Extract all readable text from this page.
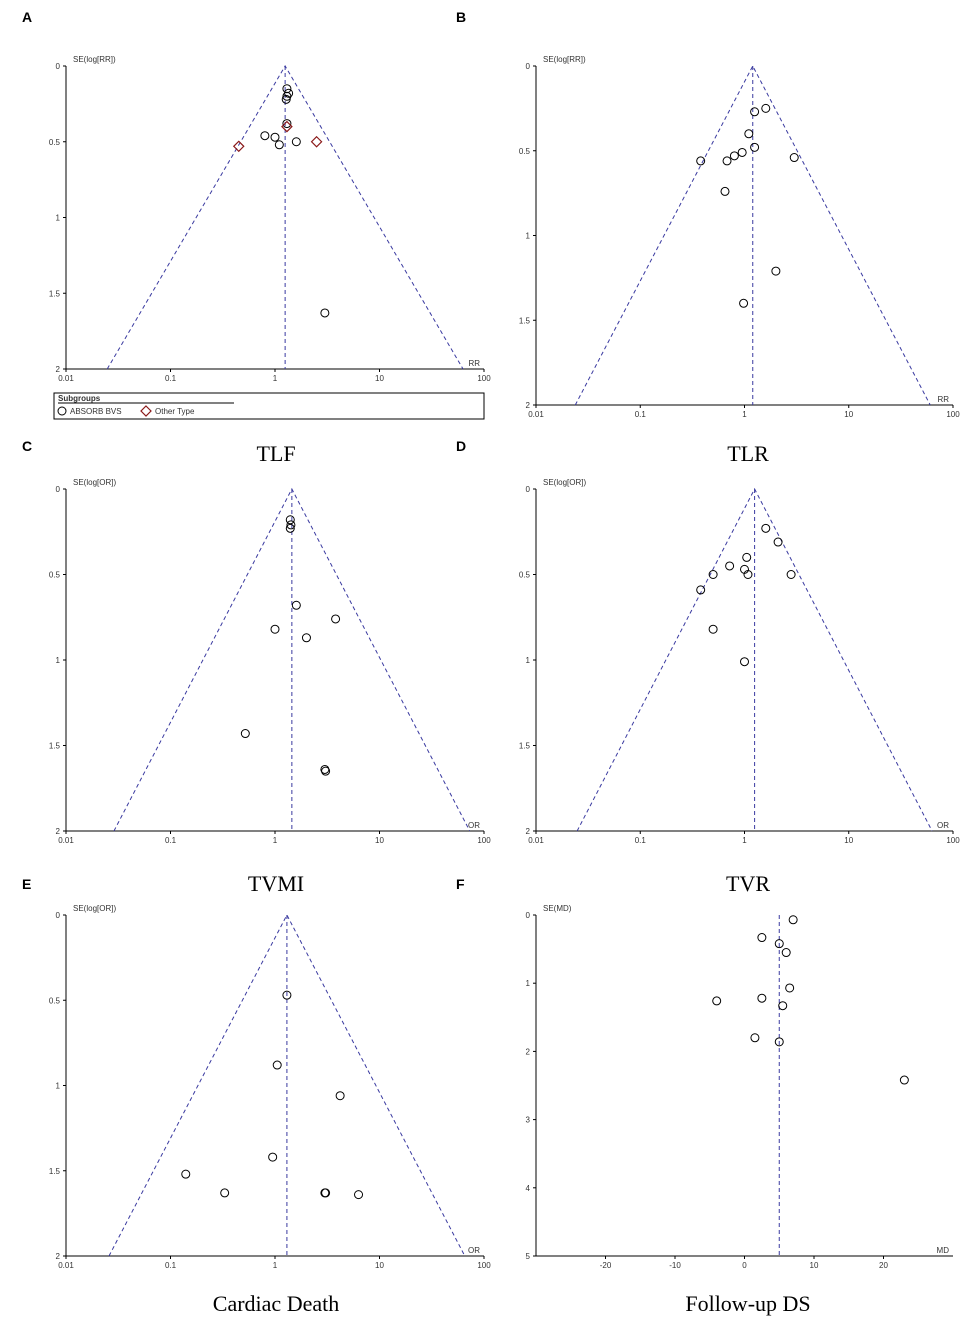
A
0
0.5
1
1.5
2
0.01	0.1	1	10	100
SE(log[RR])
RR
Subgroups
ABSORB BVS	Other Type
TLF
B
0
0.5
1
1.5
2
0.01	0.1	1	10	100
SE(log[RR])
RR
TLR
C
0
0.5
1
1.5
2
0.01	0.1	1	10	100
SE(log[OR])
OR
TVMI
D
0
0.5
1
1.5
2
0.01	0.1	1	10	100
SE(log[OR])
OR
TVR
E
0
0.5
1
1.5
2
0.01	0.1	1	10	100
SE(log[OR])
OR
Cardiac Death
F
0
1
2
3
4
5
-20	-10	0	10	20
SE(MD)
MD
Follow-up DS
